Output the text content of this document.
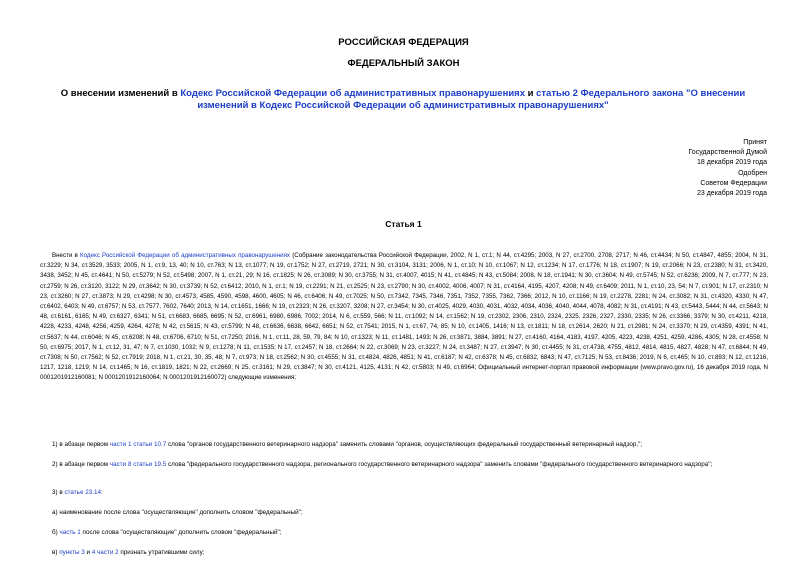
РОССИЙСКАЯ ФЕДЕРАЦИЯ
ФЕДЕРАЛЬНЫЙ ЗАКОН
О внесении изменений в Кодекс Российской Федерации об административных правонарушениях и статью 2 Федерального закона "О внесении изменений в Кодекс Российской Федерации об административных правонарушениях"
Принят
Государственной Думой
18 декабря 2019 года
Одобрен
Советом Федерации
23 декабря 2019 года
Статья 1
Внести в Кодекс Российской Федерации об административных правонарушениях (Собрание законодательства Российской Федерации, 2002, N 1, ст.1; N 44, ст.4295; 2003, N 27, ст.2700, 2708, 2717; N 46, ст.4434; N 50, ст.4847, 4855; 2004, N 31, ст.3229; N 34, ст.3529, 3533; 2005, N 1, ст.9, 13, 40; N 10, ст.763; N 13, ст.1077; N 19, ст.1752; N 27, ст.2719, 2721; N 30, ст.3104, 3131; 2006, N 1, ст.10; N 10, ст.1067; N 12, ст.1234; N 17, ст.1776; N 18, ст.1907; N 19, ст.2066; N 23, ст.2380; N 31, ст.3420, 3438, 3452; N 45, ст.4641; N 50, ст.5279; N 52, ст.5498; 2007, N 1, ст.21, 29; N 16, ст.1825; N 26, ст.3089; N 30, ст.3755; N 31, ст.4007, 4015; N 41, ст.4845; N 43, ст.5084; 2008, N 18, ст.1941; N 30, ст.3604; N 49, ст.5745; N 52, ст.6236; 2009, N 7, ст.777; N 23, ст.2759; N 26, ст.3120, 3122; N 29, ст.3642; N 30, ст.3739; N 52, ст.6412; 2010, N 1, ст.1; N 19, ст.2291; N 21, ст.2525; N 23, ст.2790; N 30, ст.4002, 4006, 4007; N 31, ст.4164, 4195, 4207, 4208; N 49, ст.6409; 2011, N 1, ст.10, 23, 54; N 7, ст.901; N 17, ст.2310; N 23, ст.3260; N 27, ст.3873; N 29, ст.4298; N 30, ст.4573, 4585, 4590, 4598, 4600, 4605; N 46, ст.6406; N 49, ст.7025; N 50, ст.7342, 7345, 7346, 7351, 7352, 7355, 7362, 7366; 2012, N 10, ст.1166; N 19, ст.2278, 2281; N 24, ст.3082; N 31, ст.4320, 4330; N 47, ст.6402, 6403; N 49, ст.6757; N 53, ст.7577, 7602, 7640; 2013, N 14, ст.1651, 1666; N 19, ст.2323; N 26, ст.3207, 3208; N 27, ст.3454; N 30, ст.4025, 4029, 4030, 4031, 4032, 4034, 4036, 4040, 4044, 4078, 4082; N 31, ст.4191; N 43, ст.5443, 5444; N 44, ст.5643; N 48, ст.6161, 6165; N 49, ст.6327, 6341; N 51, ст.6683, 6685, 6695; N 52, ст.6961, 6980, 6986, 7002; 2014, N 6, ст.559, 566; N 11, ст.1092; N 14, ст.1562; N 19, ст.2302, 2306, 2310, 2324, 2325, 2326, 2327, 2330, 2335; N 26, ст.3366, 3379; N 30, ст.4211, 4218, 4228, 4233, 4248, 4256, 4259, 4264, 4278; N 42, ст.5615; N 43, ст.5799; N 48, ст.6636, 6638, 6642, 6651; N 52, ст.7541; 2015, N 1, ст.67, 74, 85; N 10, ст.1405, 1416; N 13, ст.1811; N 18, ст.2614, 2620; N 21, ст.2981; N 24, ст.3370; N 29, ст.4359, 4391; N 41, ст.5637; N 44, ст.6046; N 45, ст.6208; N 48, ст.6706, 6710; N 51, ст.7250; 2016, N 1, ст.11, 28, 59, 79, 84; N 10, ст.1323; N 11, ст.1481, 1493; N 26, ст.3871, 3884, 3891; N 27, ст.4160, 4164, 4183, 4197, 4205, 4223, 4238, 4251, 4259, 4286, 4305; N 28, ст.4558; N 50, ст.6975; 2017, N 1, ст.12, 31, 47; N 7, ст.1030, 1032; N 9, ст.1278; N 11, ст.1535; N 17, ст.2457; N 18, ст.2664; N 22, ст.3069; N 23, ст.3227; N 24, ст.3487; N 27, ст.3947; N 30, ст.4455; N 31, ст.4738, 4755, 4812, 4814, 4815, 4827, 4828; N 47, ст.6844; N 49, ст.7308; N 50, ст.7562; N 52, ст.7919; 2018, N 1, ст.21, 30, 35, 48; N 7, ст.973; N 18, ст.2562; N 30, ст.4555; N 31, ст.4824, 4826, 4851; N 41, ст.6187; N 42, ст.6378; N 45, ст.6832, 6843; N 47, ст.7125; N 53, ст.8436; 2019, N 6, ст.465; N 10, ст.893; N 12, ст.1216, 1217, 1218, 1219; N 14, ст.1465; N 16, ст.1819, 1821; N 22, ст.2669; N 25, ст.3161; N 29, ст.3847; N 30, ст.4121, 4125, 4131; N 42, ст.5803; N 49, ст.6964; Официальный интернет-портал правовой информации (www.pravo.gov.ru), 16 декабря 2019 года, N 0001201912160081; N 0001201912160064; N 0001201912160072) следующие изменения:
1) в абзаце первом части 1 статьи 10.7 слова "органов государственного ветеринарного надзора" заменить словами "органов, осуществляющих федеральный государственный ветеринарный надзор,";
2) в абзаце первом части 8 статьи 19.5 слова "федерального государственного надзора, регионального государственного ветеринарного надзора" заменить словами "федерального государственного ветеринарного надзора";
3) в статье 23.14:
а) наименование после слова "осуществляющие" дополнить словом "федеральный";
б) часть 1 после слова "осуществляющие" дополнить словом "федеральный";
в) пункты 3 и 4 части 2 признать утратившими силу;
